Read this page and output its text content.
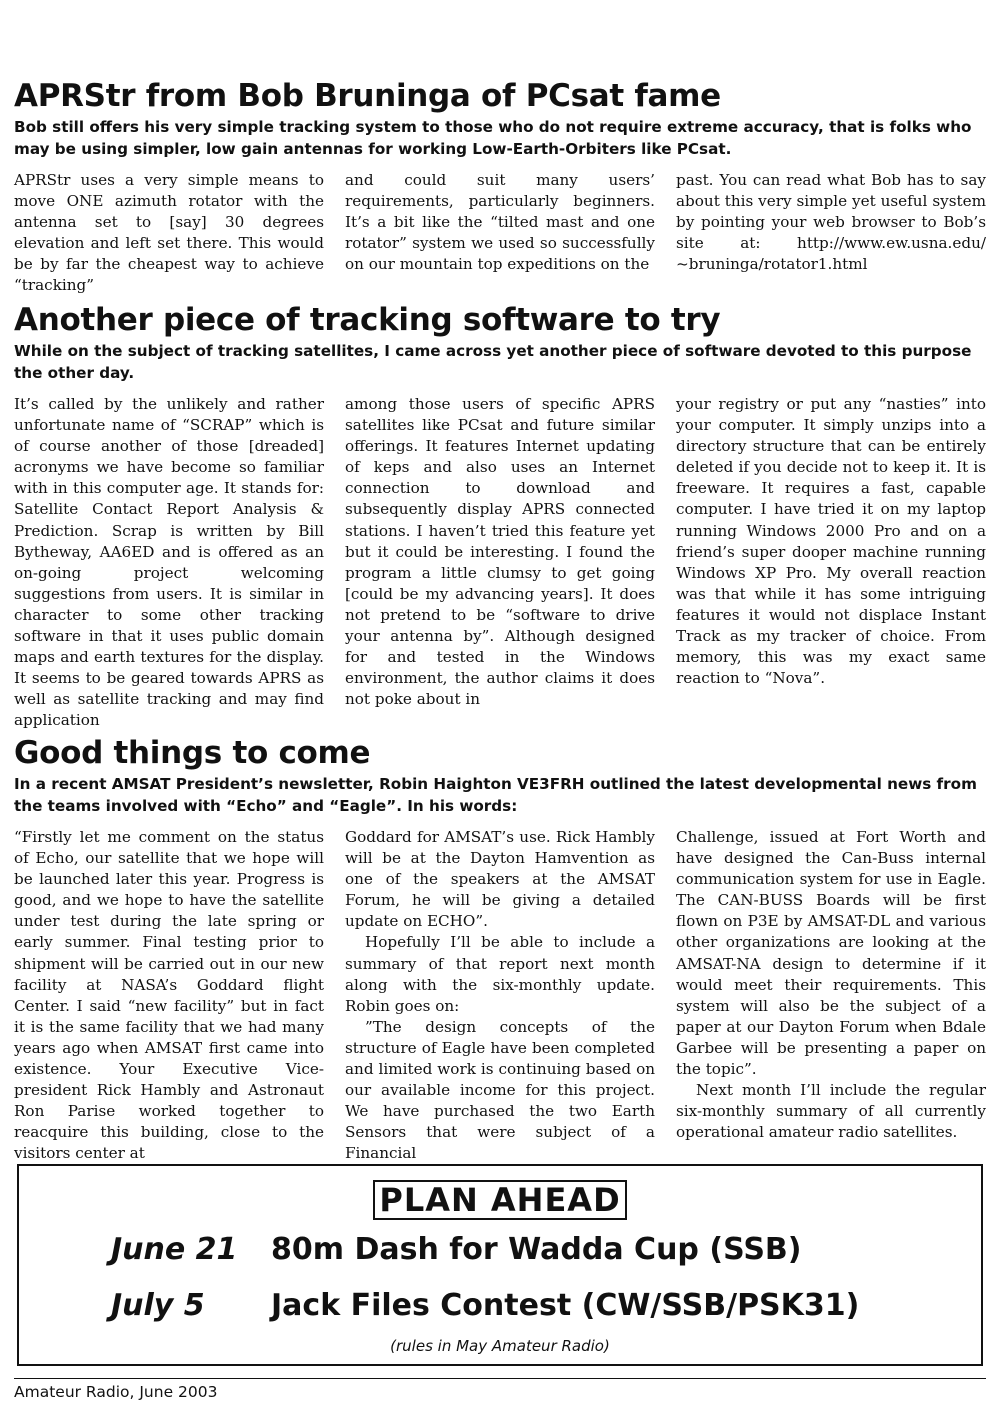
APRStr from Bob Bruninga of PCsat fame

Bob still offers his very simple tracking system to those who do not require extreme accuracy, that is folks who may be using simpler, low gain antennas for working Low-Earth-Orbiters like PCsat.

APRStr uses a very simple means to move ONE azimuth rotator with the antenna set to [say] 30 degrees elevation and left set there. This would be by far the cheapest way to achieve “tracking”

and could suit many users’ requirements, particularly beginners. It’s a bit like the “tilted mast and one rotator” system we used so successfully on our mountain top expeditions on the

past. You can read what Bob has to say about this very simple yet useful system by pointing your web browser to Bob’s site at: http://www.ew.usna.edu/ ~bruninga/rotator1.html

Another piece of tracking software to try

While on the subject of tracking satellites, I came across yet another piece of software devoted to this purpose the other day.

It’s called by the unlikely and rather unfortunate name of “SCRAP” which is of course another of those [dreaded] acronyms we have become so familiar with in this computer age. It stands for: Satellite Contact Report Analysis & Prediction. Scrap is written by Bill Bytheway, AA6ED and is offered as an on-going project welcoming suggestions from users. It is similar in character to some other tracking software in that it uses public domain maps and earth textures for the display. It seems to be geared towards APRS as well as satellite tracking and may find application

among those users of specific APRS satellites like PCsat and future similar offerings. It features Internet updating of keps and also uses an Internet connection to download and subsequently display APRS connected stations. I haven’t tried this feature yet but it could be interesting. I found the program a little clumsy to get going [could be my advancing years]. It does not pretend to be “software to drive your antenna by”. Although designed for and tested in the Windows environment, the author claims it does not poke about in

your registry or put any “nasties” into your computer. It simply unzips into a directory structure that can be entirely deleted if you decide not to keep it. It is freeware. It requires a fast, capable computer. I have tried it on my laptop running Windows 2000 Pro and on a friend’s super dooper machine running Windows XP Pro. My overall reaction was that while it has some intriguing features it would not displace Instant Track as my tracker of choice. From memory, this was my exact same reaction to “Nova”.

Good things to come

In a recent AMSAT President’s newsletter, Robin Haighton VE3FRH outlined the latest developmental news from the teams involved with “Echo” and “Eagle”. In his words:

“Firstly let me comment on the status of Echo, our satellite that we hope will be launched later this year. Progress is good, and we hope to have the satellite under test during the late spring or early summer. Final testing prior to shipment will be carried out in our new facility at NASA’s Goddard flight Center. I said “new facility” but in fact it is the same facility that we had many years ago when AMSAT first came into existence. Your Executive Vice-president Rick Hambly and Astronaut Ron Parise worked together to reacquire this building, close to the visitors center at

Goddard for AMSAT’s use. Rick Hambly will be at the Dayton Hamvention as one of the speakers at the AMSAT Forum, he will be giving a detailed update on ECHO”.

Hopefully I’ll be able to include a summary of that report next month along with the six-monthly update. Robin goes on:

”The design concepts of the structure of Eagle have been completed and limited work is continuing based on our available income for this project. We have purchased the two Earth Sensors that were subject of a Financial

Challenge, issued at Fort Worth and have designed the Can-Buss internal communication system for use in Eagle. The CAN-BUSS Boards will be first flown on P3E by AMSAT-DL and various other organizations are looking at the AMSAT-NA design to determine if it would meet their requirements. This system will also be the subject of a paper at our Dayton Forum when Bdale Garbee will be presenting a paper on the topic”.

Next month I’ll include the regular six-monthly summary of all currently operational amateur radio satellites.

PLAN AHEAD
June 21 80m Dash for Wadda Cup (SSB)
July 5 Jack Files Contest (CW/SSB/PSK31)
(rules in May Amateur Radio)
Amateur Radio, June 2003
